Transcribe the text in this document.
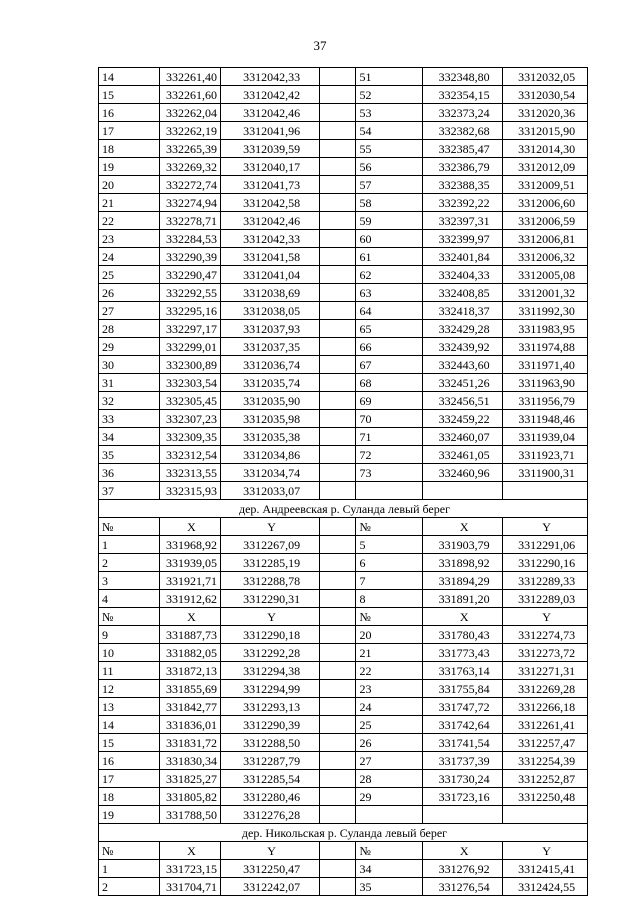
37
14	332261,40	3312042,33		51	332348,80	3312032,05
15	332261,60	3312042,42		52	332354,15	3312030,54
16	332262,04	3312042,46		53	332373,24	3312020,36
17	332262,19	3312041,96		54	332382,68	3312015,90
18	332265,39	3312039,59		55	332385,47	3312014,30
19	332269,32	3312040,17		56	332386,79	3312012,09
20	332272,74	3312041,73		57	332388,35	3312009,51
21	332274,94	3312042,58		58	332392,22	3312006,60
22	332278,71	3312042,46		59	332397,31	3312006,59
23	332284,53	3312042,33		60	332399,97	3312006,81
24	332290,39	3312041,58		61	332401,84	3312006,32
25	332290,47	3312041,04		62	332404,33	3312005,08
26	332292,55	3312038,69		63	332408,85	3312001,32
27	332295,16	3312038,05		64	332418,37	3311992,30
28	332297,17	3312037,93		65	332429,28	3311983,95
29	332299,01	3312037,35		66	332439,92	3311974,88
30	332300,89	3312036,74		67	332443,60	3311971,40
31	332303,54	3312035,74		68	332451,26	3311963,90
32	332305,45	3312035,90		69	332456,51	3311956,79
33	332307,23	3312035,98		70	332459,22	3311948,46
34	332309,35	3312035,38		71	332460,07	3311939,04
35	332312,54	3312034,86		72	332461,05	3311923,71
36	332313,55	3312034,74		73	332460,96	3311900,31
37	332315,93	3312033,07				
дер. Андреевская р. Суланда левый берег						
№	X	Y		№	X	Y
1	331968,92	3312267,09		5	331903,79	3312291,06
2	331939,05	3312285,19		6	331898,92	3312290,16
3	331921,71	3312288,78		7	331894,29	3312289,33
4	331912,62	3312290,31		8	331891,20	3312289,03
№	X	Y		№	X	Y
9	331887,73	3312290,18		20	331780,43	3312274,73
10	331882,05	3312292,28		21	331773,43	3312273,72
11	331872,13	3312294,38		22	331763,14	3312271,31
12	331855,69	3312294,99		23	331755,84	3312269,28
13	331842,77	3312293,13		24	331747,72	3312266,18
14	331836,01	3312290,39		25	331742,64	3312261,41
15	331831,72	3312288,50		26	331741,54	3312257,47
16	331830,34	3312287,79		27	331737,39	3312254,39
17	331825,27	3312285,54		28	331730,24	3312252,87
18	331805,82	3312280,46		29	331723,16	3312250,48
19	331788,50	3312276,28				
дер. Никольская р. Суланда левый берег						
№	X	Y		№	X	Y
1	331723,15	3312250,47		34	331276,92	3312415,41
2	331704,71	3312242,07		35	331276,54	3312424,55
